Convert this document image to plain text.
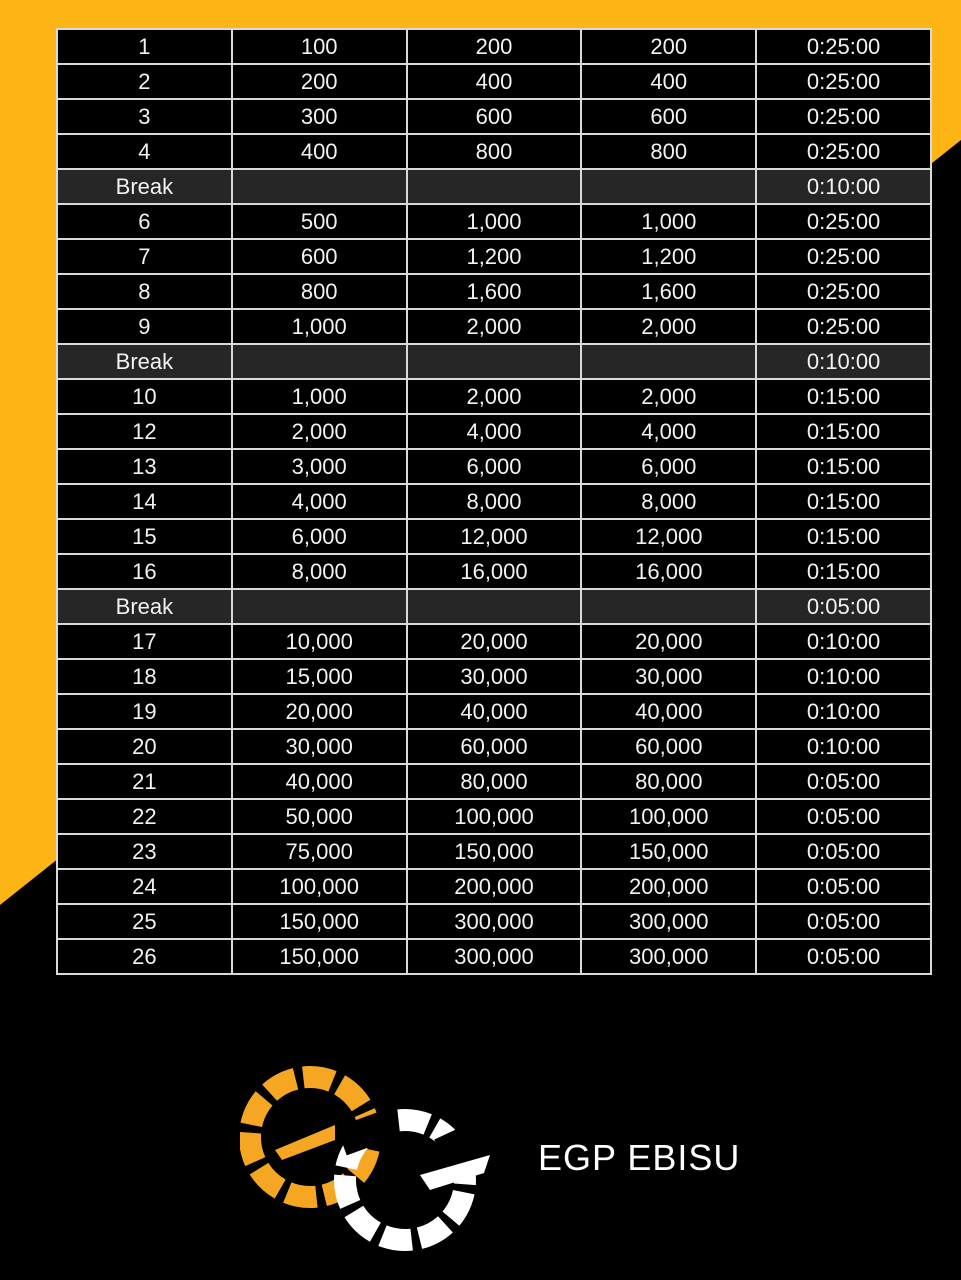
1	100	200	200	0:25:00
2	200	400	400	0:25:00
3	300	600	600	0:25:00
4	400	800	800	0:25:00
Break				0:10:00
6	500	1,000	1,000	0:25:00
7	600	1,200	1,200	0:25:00
8	800	1,600	1,600	0:25:00
9	1,000	2,000	2,000	0:25:00
Break				0:10:00
10	1,000	2,000	2,000	0:15:00
12	2,000	4,000	4,000	0:15:00
13	3,000	6,000	6,000	0:15:00
14	4,000	8,000	8,000	0:15:00
15	6,000	12,000	12,000	0:15:00
16	8,000	16,000	16,000	0:15:00
Break				0:05:00
17	10,000	20,000	20,000	0:10:00
18	15,000	30,000	30,000	0:10:00
19	20,000	40,000	40,000	0:10:00
20	30,000	60,000	60,000	0:10:00
21	40,000	80,000	80,000	0:05:00
22	50,000	100,000	100,000	0:05:00
23	75,000	150,000	150,000	0:05:00
24	100,000	200,000	200,000	0:05:00
25	150,000	300,000	300,000	0:05:00
26	150,000	300,000	300,000	0:05:00
EGP EBISU
